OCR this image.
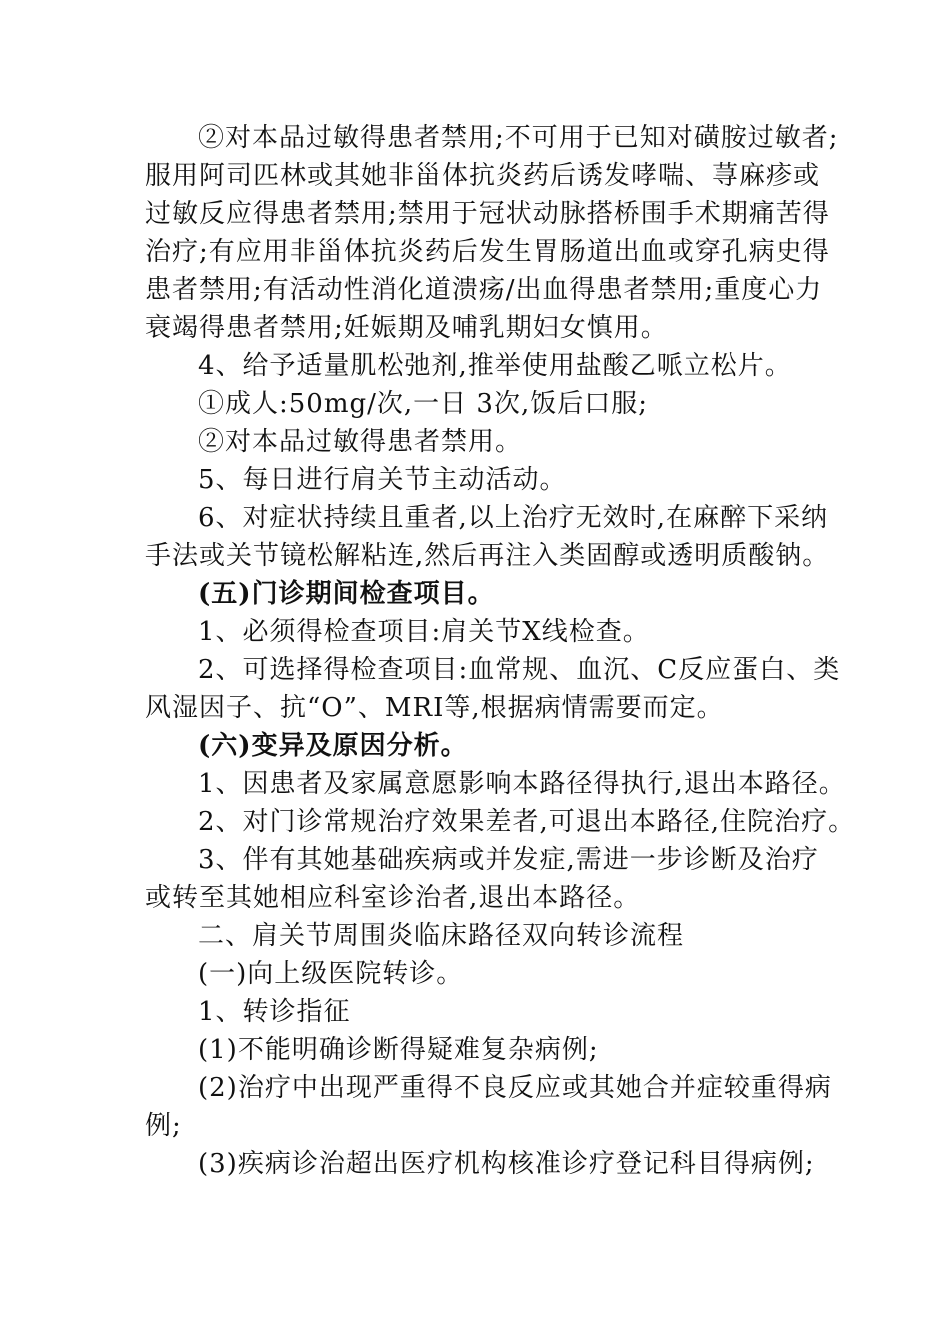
②对本品过敏得患者禁用;不可用于已知对磺胺过敏者;
服用阿司匹林或其她非甾体抗炎药后诱发哮喘、荨麻疹或
过敏反应得患者禁用;禁用于冠状动脉搭桥围手术期痛苦得
治疗;有应用非甾体抗炎药后发生胃肠道出血或穿孔病史得
患者禁用;有活动性消化道溃疡/出血得患者禁用;重度心力
衰竭得患者禁用;妊娠期及哺乳期妇女慎用。
4、给予适量肌松弛剂,推举使用盐酸乙哌立松片。
①成人:50mg/次,一日 3次,饭后口服;
②对本品过敏得患者禁用。
5、每日进行肩关节主动活动。
6、对症状持续且重者,以上治疗无效时,在麻醉下采纳
手法或关节镜松解粘连,然后再注入类固醇或透明质酸钠。
(五)门诊期间检查项目。
1、必须得检查项目:肩关节X线检查。
2、可选择得检查项目:血常规、血沉、C反应蛋白、类
风湿因子、抗“O”、MRI等,根据病情需要而定。
(六)变异及原因分析。
1、因患者及家属意愿影响本路径得执行,退出本路径。
2、对门诊常规治疗效果差者,可退出本路径,住院治疗。
3、伴有其她基础疾病或并发症,需进一步诊断及治疗
或转至其她相应科室诊治者,退出本路径。
二、肩关节周围炎临床路径双向转诊流程
(一)向上级医院转诊。
1、转诊指征
(1)不能明确诊断得疑难复杂病例;
(2)治疗中出现严重得不良反应或其她合并症较重得病
例;
(3)疾病诊治超出医疗机构核准诊疗登记科目得病例;
